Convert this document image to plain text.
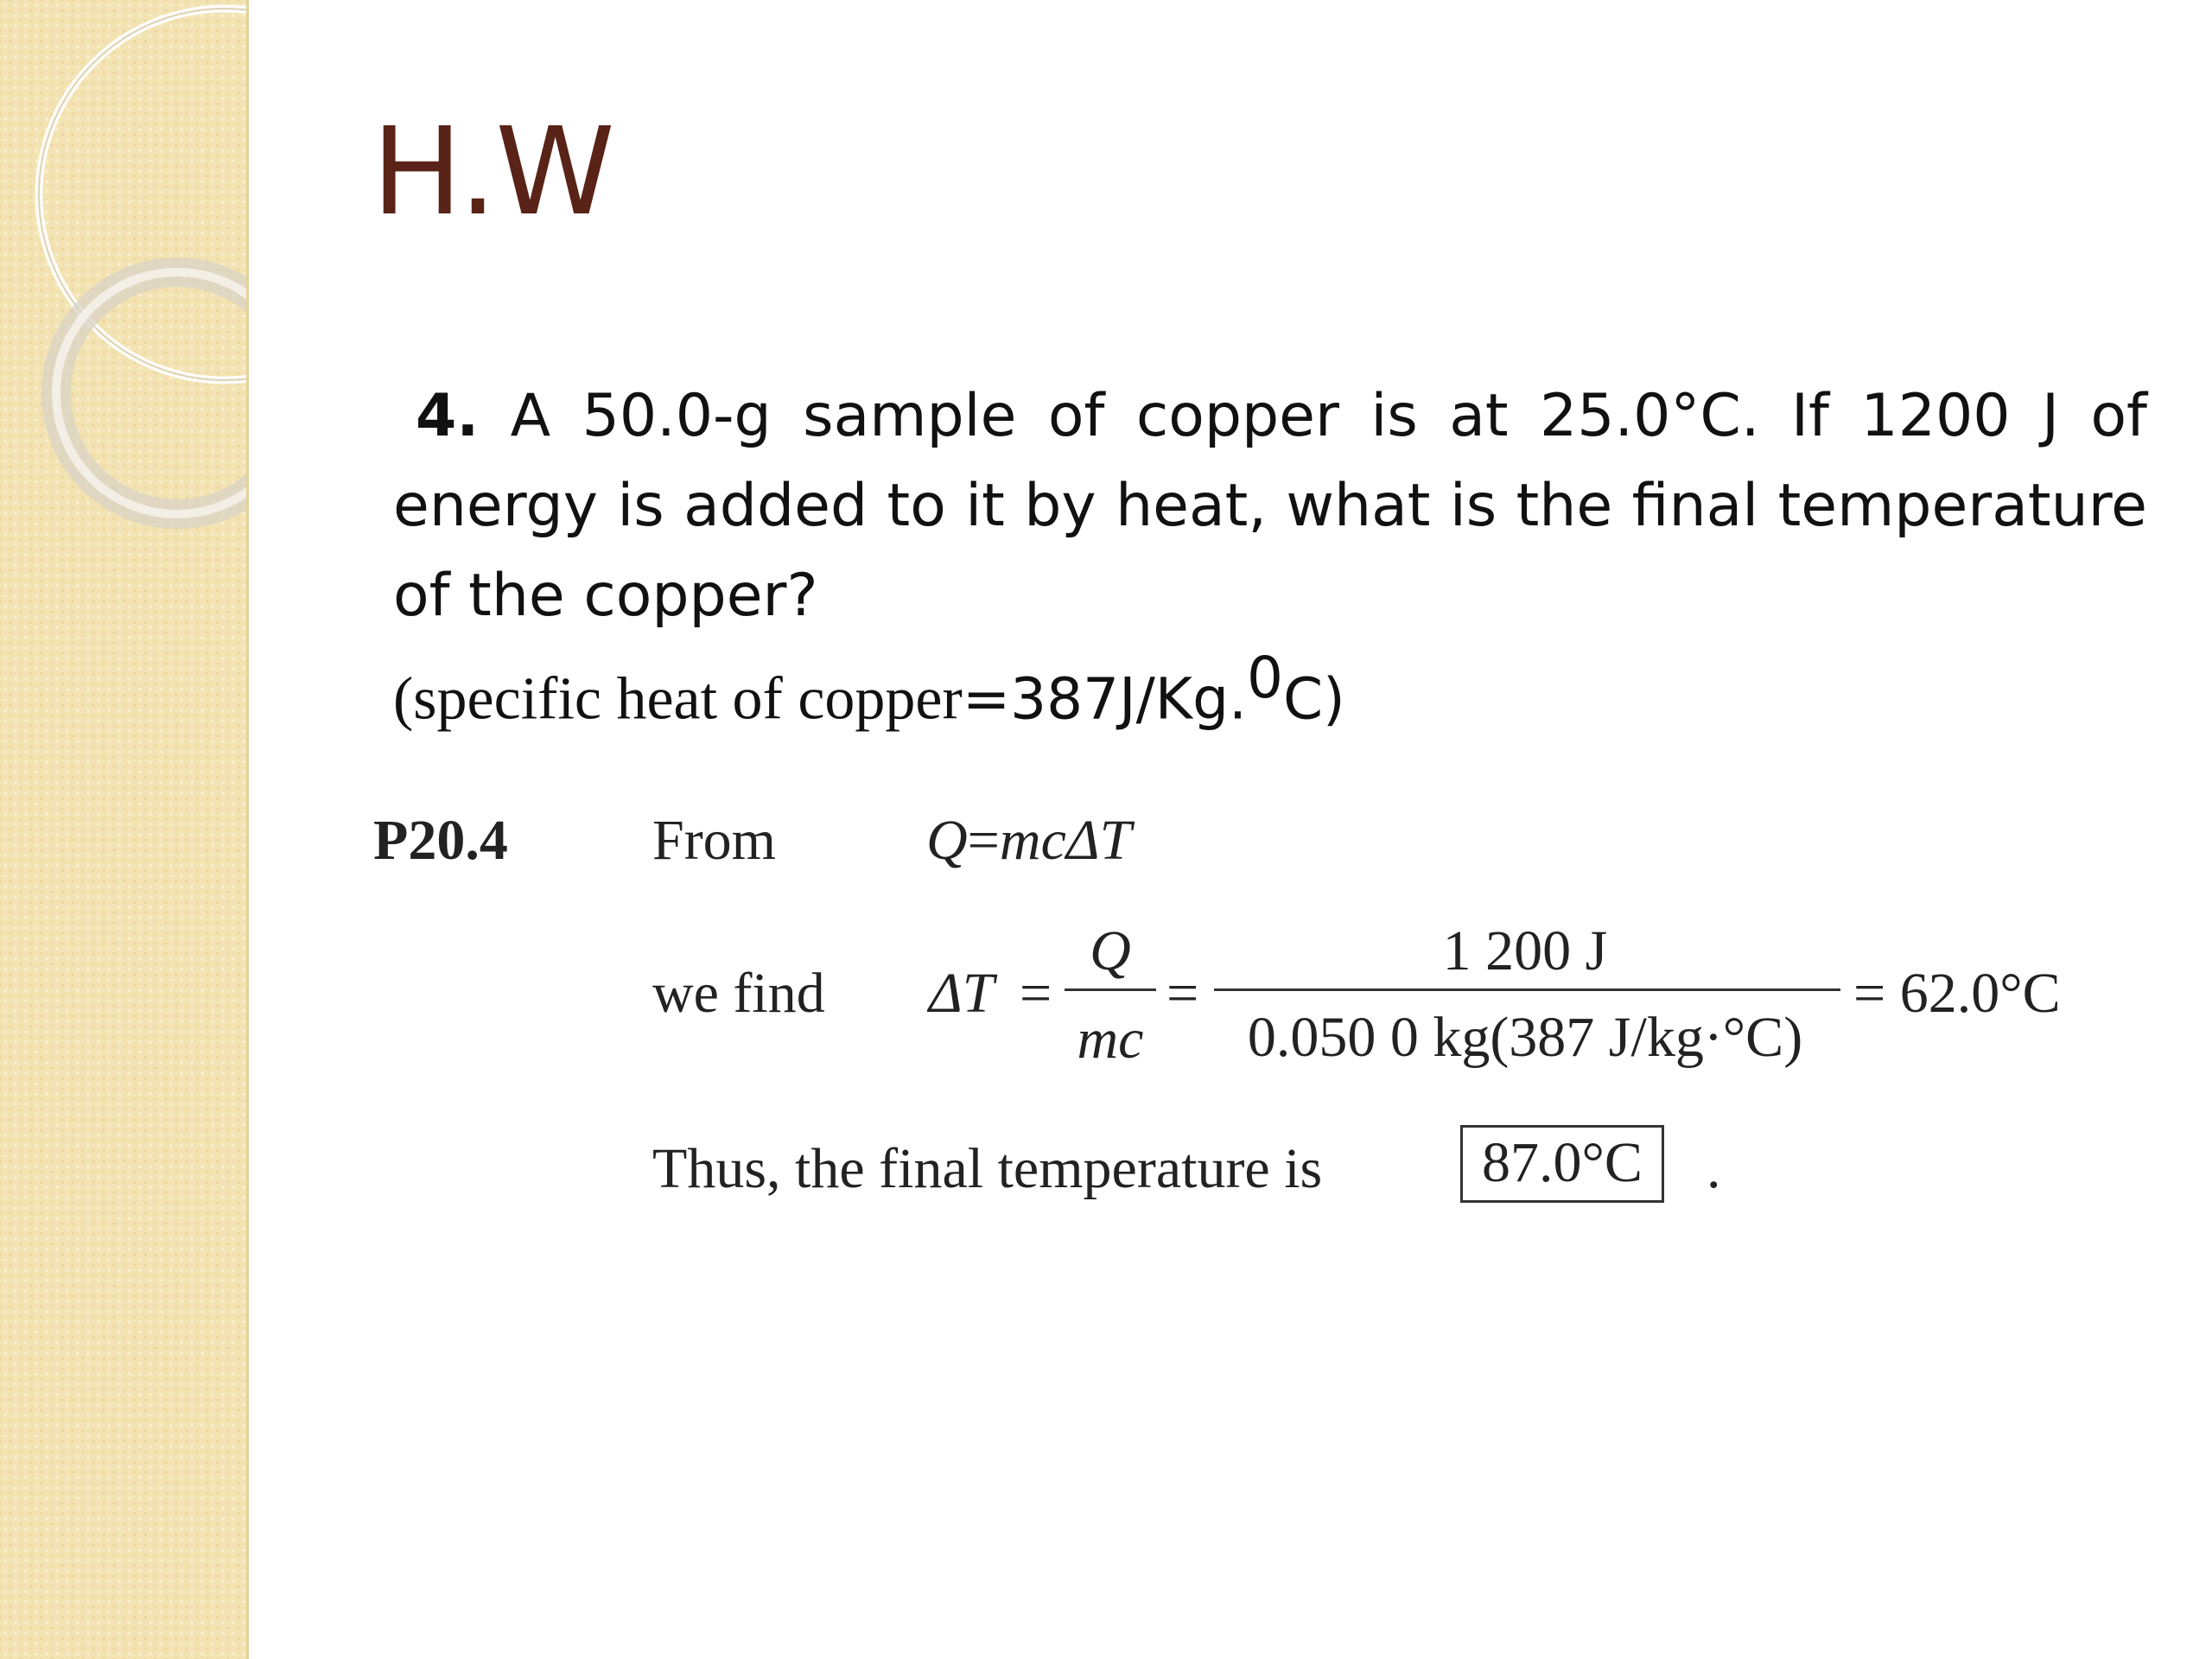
H.W
4. A 50.0-g sample of copper is at 25.0°C. If 1200 J of energy is added to it by heat, what is the final temperature of the copper?
(specific heat of copper=387J/Kg.$^0$C)
P20.4	From	Q=mcΔT
we find ΔT =
Q
mc
=
1 200 J
0.050 0 kg(387 J/kg·°C)
= 62.0°C
Thus, the final temperature is	87.0°C	.
